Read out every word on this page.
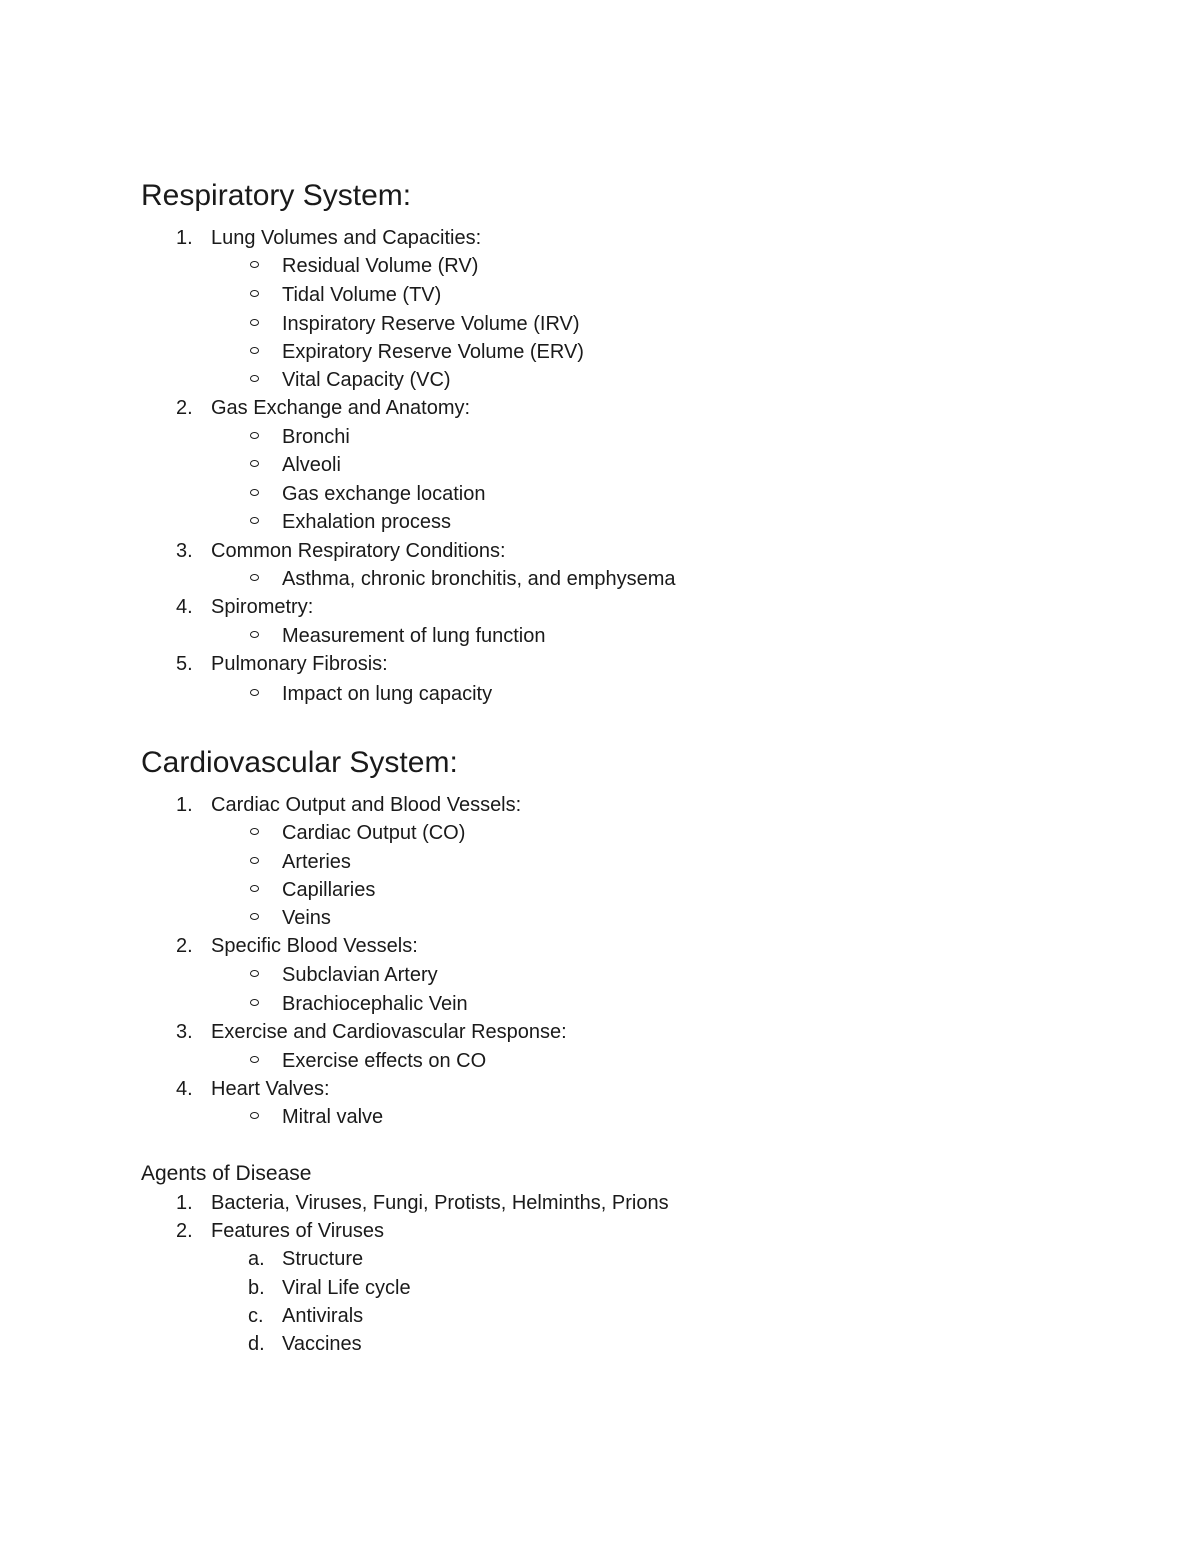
Respiratory System:
1. Lung Volumes and Capacities:
Residual Volume (RV)
Tidal Volume (TV)
Inspiratory Reserve Volume (IRV)
Expiratory Reserve Volume (ERV)
Vital Capacity (VC)
2. Gas Exchange and Anatomy:
Bronchi
Alveoli
Gas exchange location
Exhalation process
3. Common Respiratory Conditions:
Asthma, chronic bronchitis, and emphysema
4. Spirometry:
Measurement of lung function
5. Pulmonary Fibrosis:
Impact on lung capacity
Cardiovascular System:
1. Cardiac Output and Blood Vessels:
Cardiac Output (CO)
Arteries
Capillaries
Veins
2. Specific Blood Vessels:
Subclavian Artery
Brachiocephalic Vein
3. Exercise and Cardiovascular Response:
Exercise effects on CO
4. Heart Valves:
Mitral valve
Agents of Disease
1. Bacteria, Viruses, Fungi, Protists, Helminths, Prions
2. Features of Viruses
a. Structure
b. Viral Life cycle
c. Antivirals
d. Vaccines
